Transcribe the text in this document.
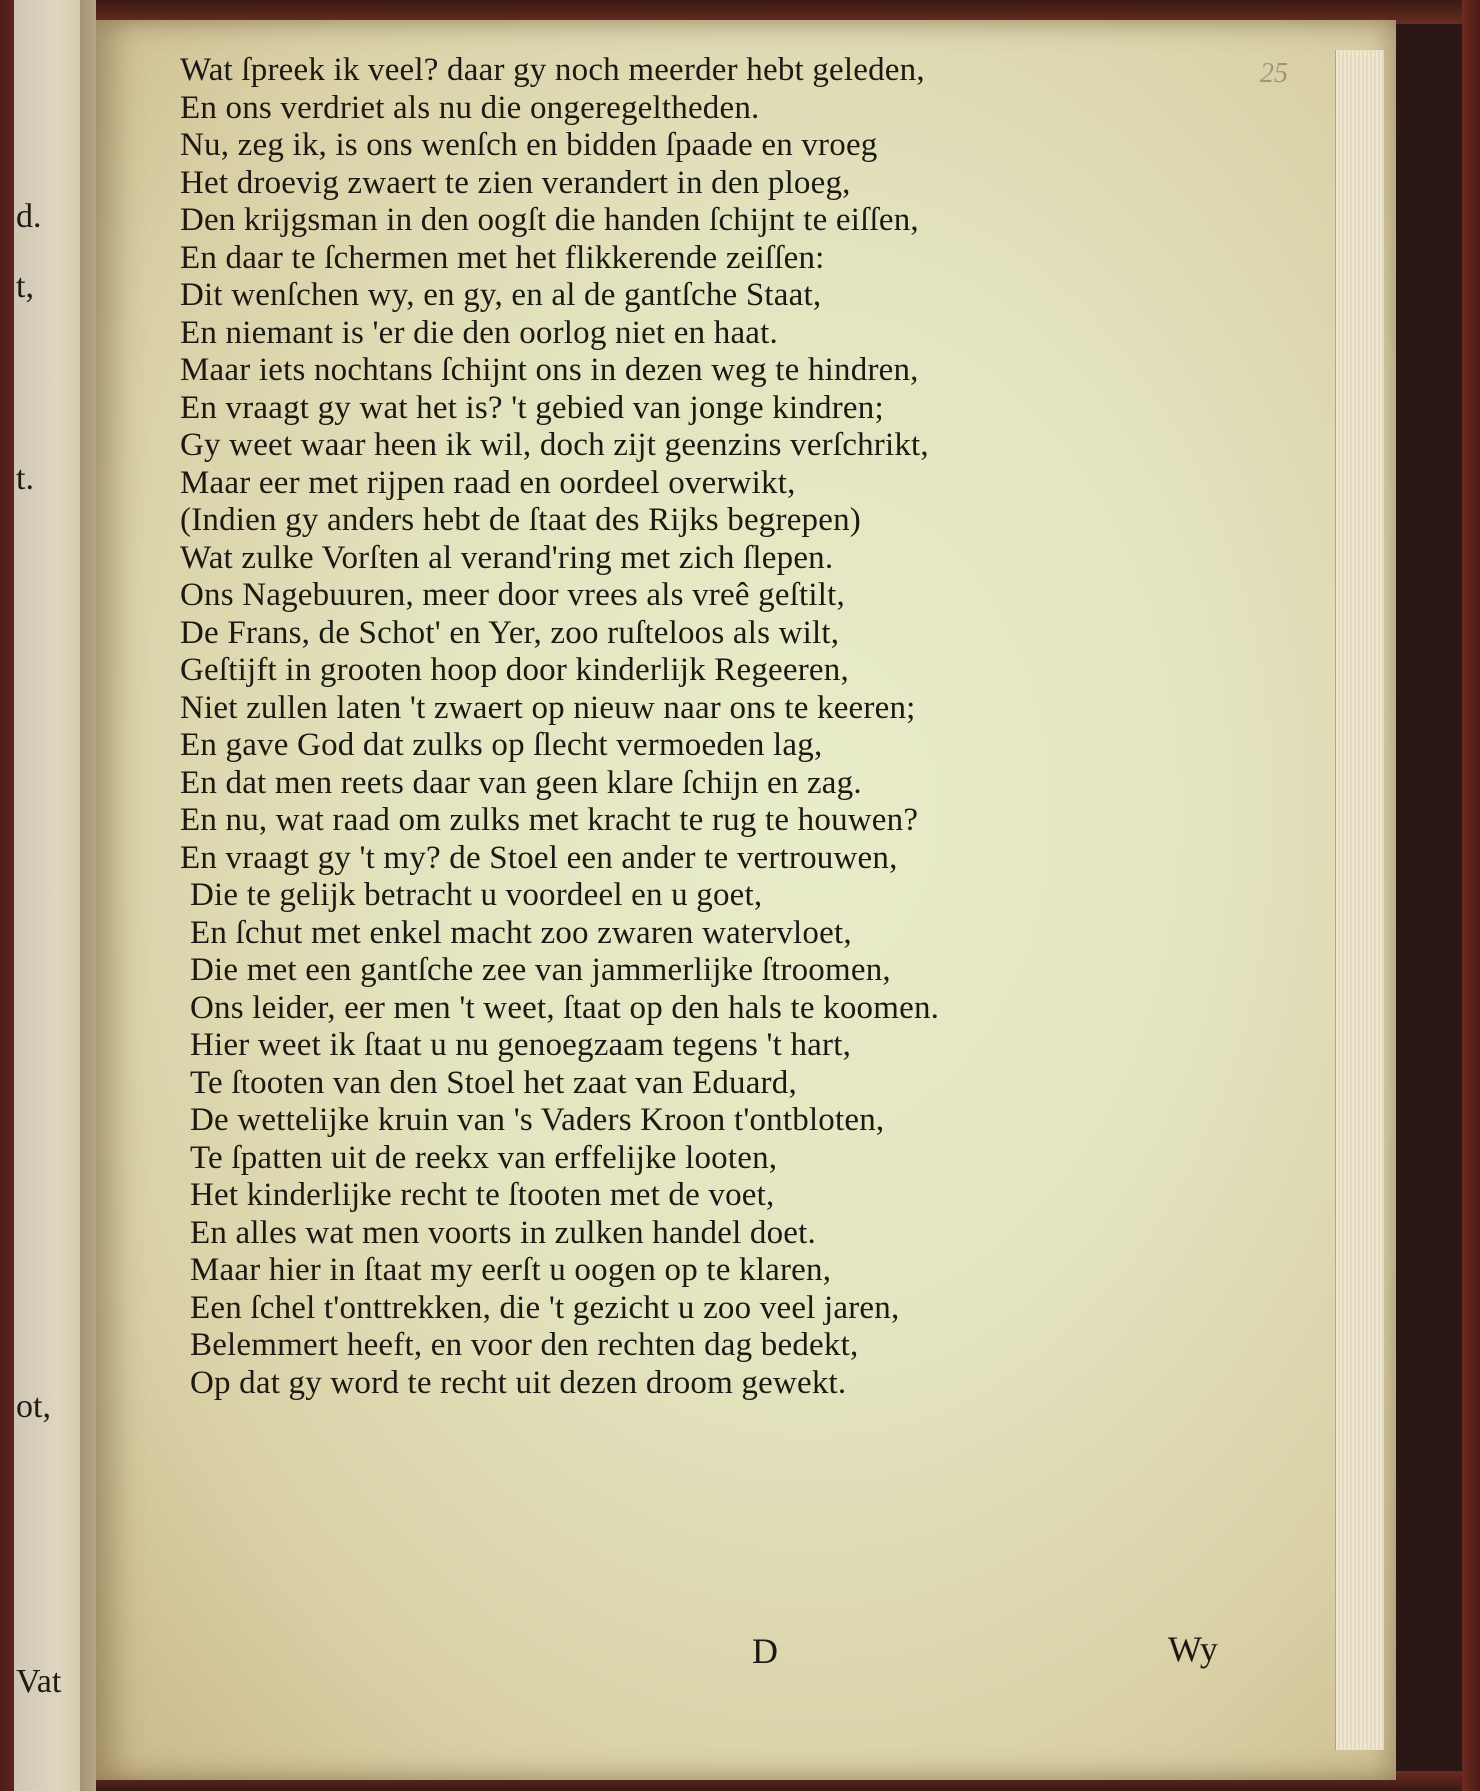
d.
t,
t.
ot,
Vat
25
Wat ſpreek ik veel? daar gy noch meerder hebt geleden,
En ons verdriet als nu die ongeregeltheden.
Nu, zeg ik, is ons wenſch en bidden ſpaade en vroeg
Het droevig zwaert te zien verandert in den ploeg,
Den krijgsman in den oogſt die handen ſchijnt te eiſſen,
En daar te ſchermen met het flikkerende zeiſſen:
Dit wenſchen wy, en gy, en al de gantſche Staat,
En niemant is 'er die den oorlog niet en haat.
Maar iets nochtans ſchijnt ons in dezen weg te hindren,
En vraagt gy wat het is? 't gebied van jonge kindren;
Gy weet waar heen ik wil, doch zijt geenzins verſchrikt,
Maar eer met rijpen raad en oordeel overwikt,
(Indien gy anders hebt de ſtaat des Rijks begrepen)
Wat zulke Vorſten al verand'ring met zich ſlepen.
Ons Nagebuuren, meer door vrees als vreê geſtilt,
De Frans, de Schot' en Yer, zoo ruſteloos als wilt,
Geſtijft in grooten hoop door kinderlijk Regeeren,
Niet zullen laten 't zwaert op nieuw naar ons te keeren;
En gave God dat zulks op ſlecht vermoeden lag,
En dat men reets daar van geen klare ſchijn en zag.
En nu, wat raad om zulks met kracht te rug te houwen?
En vraagt gy 't my? de Stoel een ander te vertrouwen,
Die te gelijk betracht u voordeel en u goet,
En ſchut met enkel macht zoo zwaren watervloet,
Die met een gantſche zee van jammerlijke ſtroomen,
Ons leider, eer men 't weet, ſtaat op den hals te koomen.
Hier weet ik ſtaat u nu genoegzaam tegens 't hart,
Te ſtooten van den Stoel het zaat van Eduard,
De wettelijke kruin van 's Vaders Kroon t'ontbloten,
Te ſpatten uit de reekx van erffelijke looten,
Het kinderlijke recht te ſtooten met de voet,
En alles wat men voorts in zulken handel doet.
Maar hier in ſtaat my eerſt u oogen op te klaren,
Een ſchel t'onttrekken, die 't gezicht u zoo veel jaren,
Belemmert heeft, en voor den rechten dag bedekt,
Op dat gy word te recht uit dezen droom gewekt.
D	Wy
